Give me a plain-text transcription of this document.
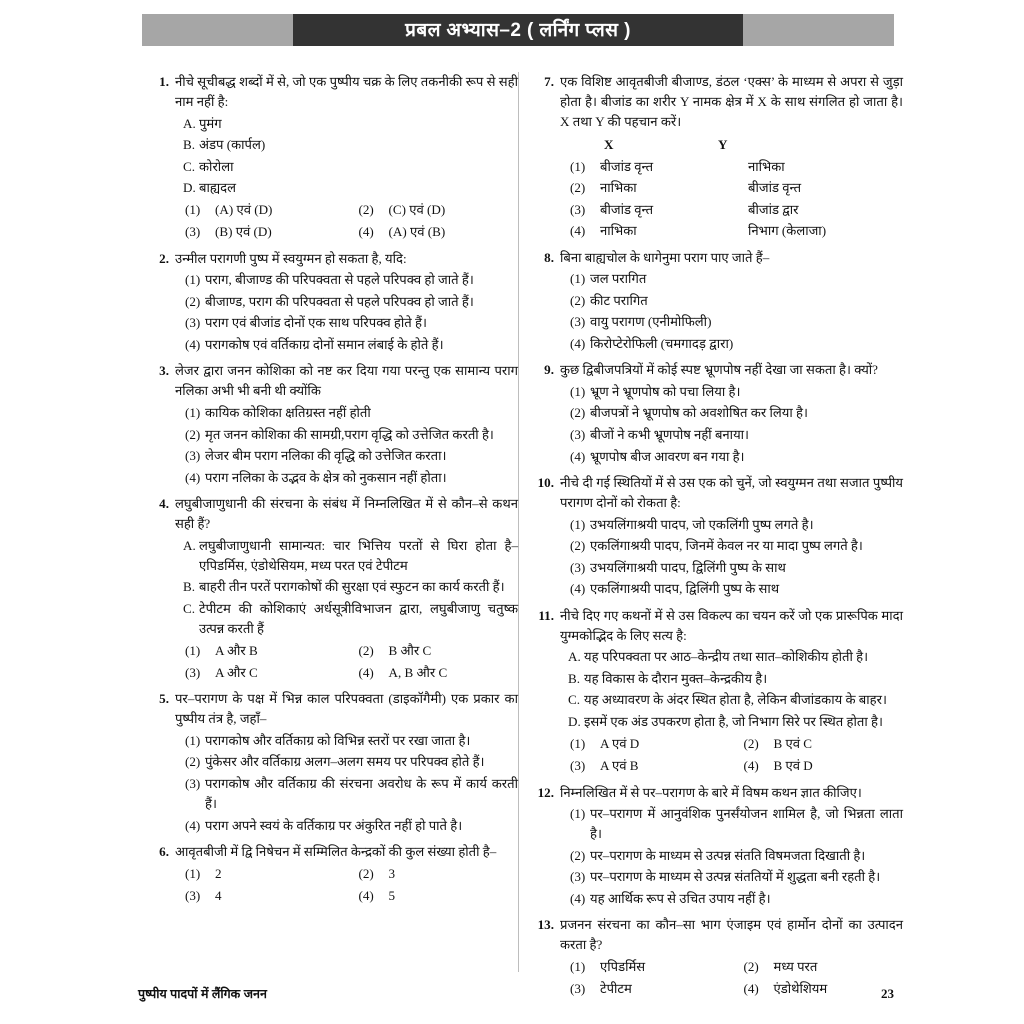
प्रबल अभ्यास–2 ( लर्निंग प्लस )
1. नीचे सूचीबद्ध शब्दों में से, जो एक पुष्पीय चक्र के लिए तकनीकी रूप से सही नाम नहीं है:

A. पुमंग
B. अंडप (कार्पल)
C. कोरोला
D. बाह्यदल
(1)	(A) एवं (D)	(2)	(C) एवं (D)
(3)	(B) एवं (D)	(4)	(A) एवं (B)
2. उन्मील परागणी पुष्प में स्वयुग्मन हो सकता है, यदि:

(1) पराग, बीजाण्ड की परिपक्वता से पहले परिपक्व हो जाते हैं।
(2) बीजाण्ड, पराग की परिपक्वता से पहले परिपक्व हो जाते हैं।
(3) पराग एवं बीजांड दोनों एक साथ परिपक्व होते हैं।
(4) परागकोष एवं वर्तिकाग्र दोनों समान लंबाई के होते हैं।
3. लेजर द्वारा जनन कोशिका को नष्ट कर दिया गया परन्तु एक सामान्य पराग नलिका अभी भी बनी थी क्योंकि

(1) कायिक कोशिका क्षतिग्रस्त नहीं होती
(2) मृत जनन कोशिका की सामग्री,पराग वृद्धि को उत्तेजित करती है।
(3) लेजर बीम पराग नलिका की वृद्धि को उत्तेजित करता।
(4) पराग नलिका के उद्भव के क्षेत्र को नुकसान नहीं होता।
4. लघुबीजाणुधानी की संरचना के संबंध में निम्नलिखित में से कौन–से कथन सही हैं?

A. लघुबीजाणुधानी सामान्यत: चार भित्तिय परतों से घिरा होता है– एपिडर्मिस, एंडोथेसियम, मध्य परत एवं टेपीटम
B. बाहरी तीन परतें परागकोषों की सुरक्षा एवं स्फुटन का कार्य करती हैं।
C. टेपीटम की कोशिकाएं अर्धसूत्रीविभाजन द्वारा, लघुबीजाणु चतुष्क उत्पन्न करती हैं
(1)	A और B	(2)	B और C
(3)	A और C	(4)	A, B और C
5. पर–परागण के पक्ष में भिन्न काल परिपक्वता (डाइकॉगैमी) एक प्रकार का पुष्पीय तंत्र है, जहाँ–

(1) परागकोष और वर्तिकाग्र को विभिन्न स्तरों पर रखा जाता है।
(2) पुंकेसर और वर्तिकाग्र अलग–अलग समय पर परिपक्व होते हैं।
(3) परागकोष और वर्तिकाग्र की संरचना अवरोध के रूप में कार्य करती हैं।
(4) पराग अपने स्वयं के वर्तिकाग्र पर अंकुरित नहीं हो पाते है।
6. आवृतबीजी में द्वि निषेचन में सम्मिलित केन्द्रकों की कुल संख्या होती है–

(1)	2	(2)	3
(3)	4	(4)	5
7. एक विशिष्ट आवृतबीजी बीजाण्ड, डंठल ‘एक्स’ के माध्यम से अपरा से जुड़ा होता है। बीजांड का शरीर Y नामक क्षेत्र में X के साथ संगलित हो जाता है। X तथा Y की पहचान करें।

X	Y
(1)	बीजांड वृन्त	नाभिका
(2)	नाभिका	बीजांड वृन्त
(3)	बीजांड वृन्त	बीजांड द्वार
(4)	नाभिका	निभाग (केलाजा)
8. बिना बाह्यचोल के धागेनुमा पराग पाए जाते हैं–

(1) जल परागित
(2) कीट परागित
(3) वायु परागण (एनीमोफिली)
(4) किरोप्टेरोफिली (चमगादड़ द्वारा)
9. कुछ द्विबीजपत्रियों में कोई स्पष्ट भ्रूणपोष नहीं देखा जा सकता है। क्यों?

(1) भ्रूण ने भ्रूणपोष को पचा लिया है।
(2) बीजपत्रों ने भ्रूणपोष को अवशोषित कर लिया है।
(3) बीजों ने कभी भ्रूणपोष नहीं बनाया।
(4) भ्रूणपोष बीज आवरण बन गया है।
10. नीचे दी गई स्थितियों में से उस एक को चुनें, जो स्वयुग्मन तथा सजात पुष्पीय परागण दोनों को रोकता है:

(1) उभयलिंगाश्रयी पादप, जो एकलिंगी पुष्प लगते है।
(2) एकलिंगाश्रयी पादप, जिनमें केवल नर या मादा पुष्प लगते है।
(3) उभयलिंगाश्रयी पादप, द्विलिंगी पुष्प के साथ
(4) एकलिंगाश्रयी पादप, द्विलिंगी पुष्प के साथ
11. नीचे दिए गए कथनों में से उस विकल्प का चयन करें जो एक प्रारूपिक मादा युग्मकोद्भिद के लिए सत्य है:

A. यह परिपक्वता पर आठ–केन्द्रीय तथा सात–कोशिकीय होती है।
B. यह विकास के दौरान मुक्त–केन्द्रकीय है।
C. यह अध्यावरण के अंदर स्थित होता है, लेकिन बीजांडकाय के बाहर।
D. इसमें एक अंड उपकरण होता है, जो निभाग सिरे पर स्थित होता है।
(1)	A एवं D	(2)	B एवं C
(3)	A एवं B	(4)	B एवं D
12. निम्नलिखित में से पर–परागण के बारे में विषम कथन ज्ञात कीजिए।

(1) पर–परागण में आनुवंशिक पुनर्संयोजन शामिल है, जो भिन्नता लाता है।
(2) पर–परागण के माध्यम से उत्पन्न संतति विषमजता दिखाती है।
(3) पर–परागण के माध्यम से उत्पन्न संततियों में शुद्धता बनी रहती है।
(4) यह आर्थिक रूप से उचित उपाय नहीं है।
13. प्रजनन संरचना का कौन–सा भाग एंजाइम एवं हार्मोन दोनों का उत्पादन करता है?

(1)	एपिडर्मिस	(2)	मध्य परत
(3)	टेपीटम	(4)	एंडोथेशियम
पुष्पीय पादपों में लैंगिक जनन	23
